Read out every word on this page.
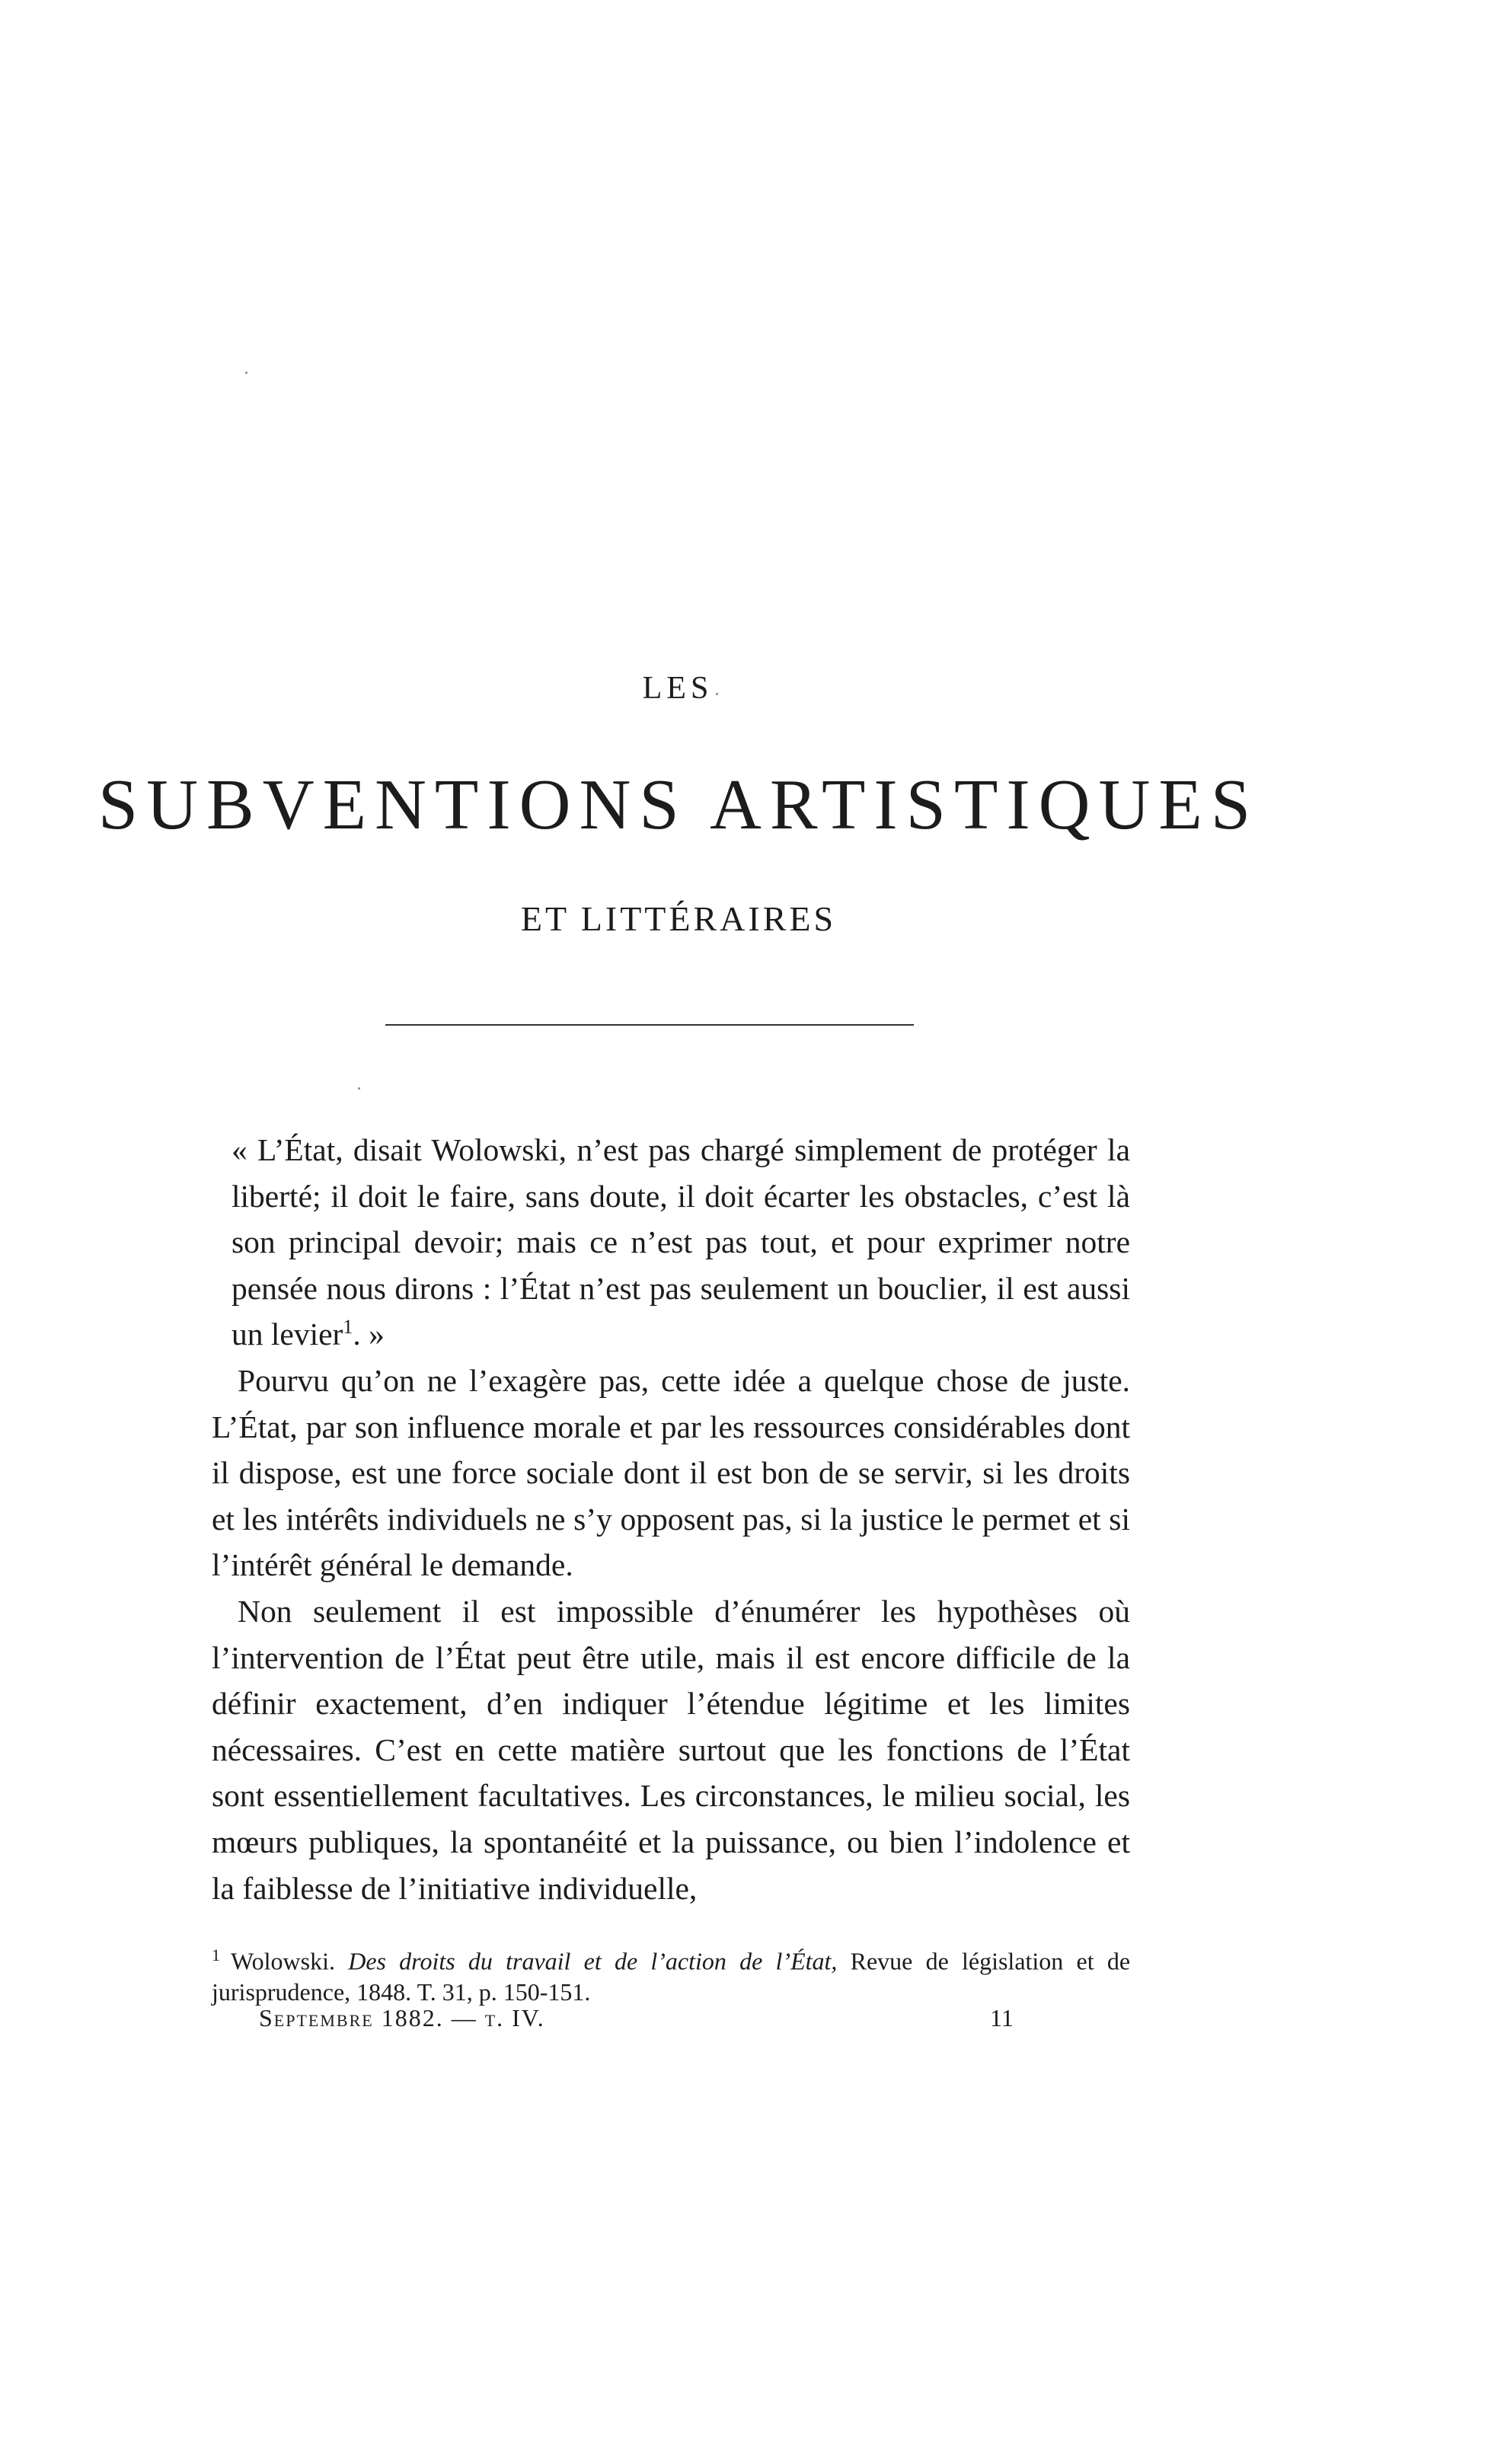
LES
SUBVENTIONS ARTISTIQUES
ET LITTÉRAIRES

« L’État, disait Wolowski, n’est pas chargé simplement de protéger la liberté; il doit le faire, sans doute, il doit écarter les obstacles, c’est là son principal devoir; mais ce n’est pas tout, et pour exprimer notre pensée nous dirons : l’État n’est pas seulement un bouclier, il est aussi un levier$^1$. »

Pourvu qu’on ne l’exagère pas, cette idée a quelque chose de juste. L’État, par son influence morale et par les ressources considérables dont il dispose, est une force sociale dont il est bon de se servir, si les droits et les intérêts individuels ne s’y opposent pas, si la justice le permet et si l’intérêt général le demande.

Non seulement il est impossible d’énumérer les hypothèses où l’intervention de l’État peut être utile, mais il est encore difficile de la définir exactement, d’en indiquer l’étendue légitime et les limites nécessaires. C’est en cette matière surtout que les fonctions de l’État sont essentiellement facultatives. Les circonstances, le milieu social, les mœurs publiques, la spontanéité et la puissance, ou bien l’indolence et la faiblesse de l’initiative individuelle,

$^1$ Wolowski. Des droits du travail et de l’action de l’État, Revue de législation et de jurisprudence, 1848. T. 31, p. 150-151.
Septembre 1882. — t. IV.	11
